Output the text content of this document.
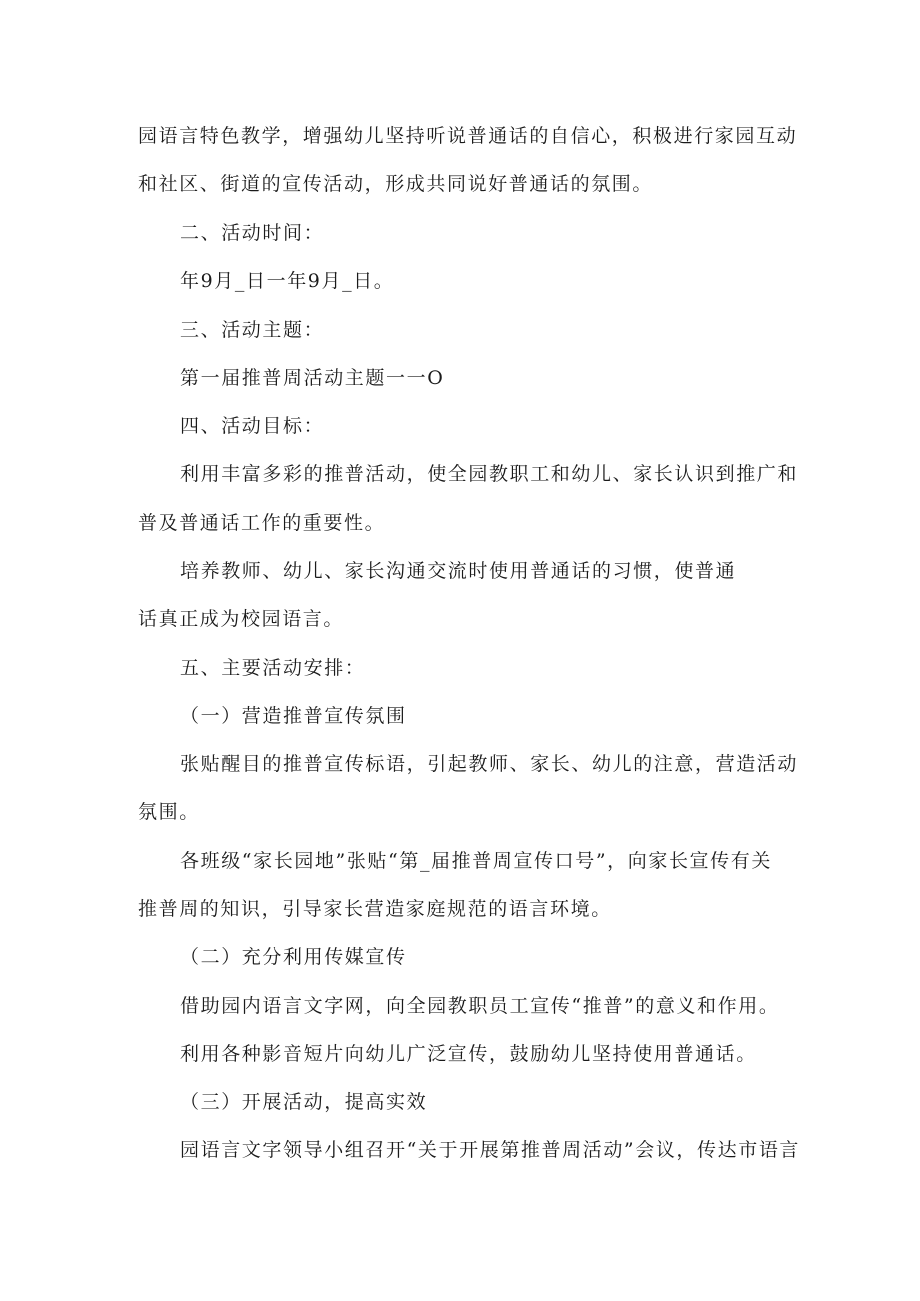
园语言特色教学，增强幼儿坚持听说普通话的自信心，积极进行家园互动
和社区、街道的宣传活动，形成共同说好普通话的氛围。
二、活动时间：
年9月_日一年9月_日。
三、活动主题：
第一届推普周活动主题一一O
四、活动目标：
利用丰富多彩的推普活动，使全园教职工和幼儿、家长认识到推广和
普及普通话工作的重要性。
培养教师、幼儿、家长沟通交流时使用普通话的习惯，使普通
话真正成为校园语言。
五、主要活动安排：
（一）营造推普宣传氛围
张贴醒目的推普宣传标语，引起教师、家长、幼儿的注意，营造活动
氛围。
各班级“家长园地”张贴“第_届推普周宣传口号”，向家长宣传有关
推普周的知识，引导家长营造家庭规范的语言环境。
（二）充分利用传媒宣传
借助园内语言文字网，向全园教职员工宣传“推普”的意义和作用。
利用各种影音短片向幼儿广泛宣传，鼓励幼儿坚持使用普通话。
（三）开展活动，提高实效
园语言文字领导小组召开“关于开展第推普周活动”会议，传达市语言
